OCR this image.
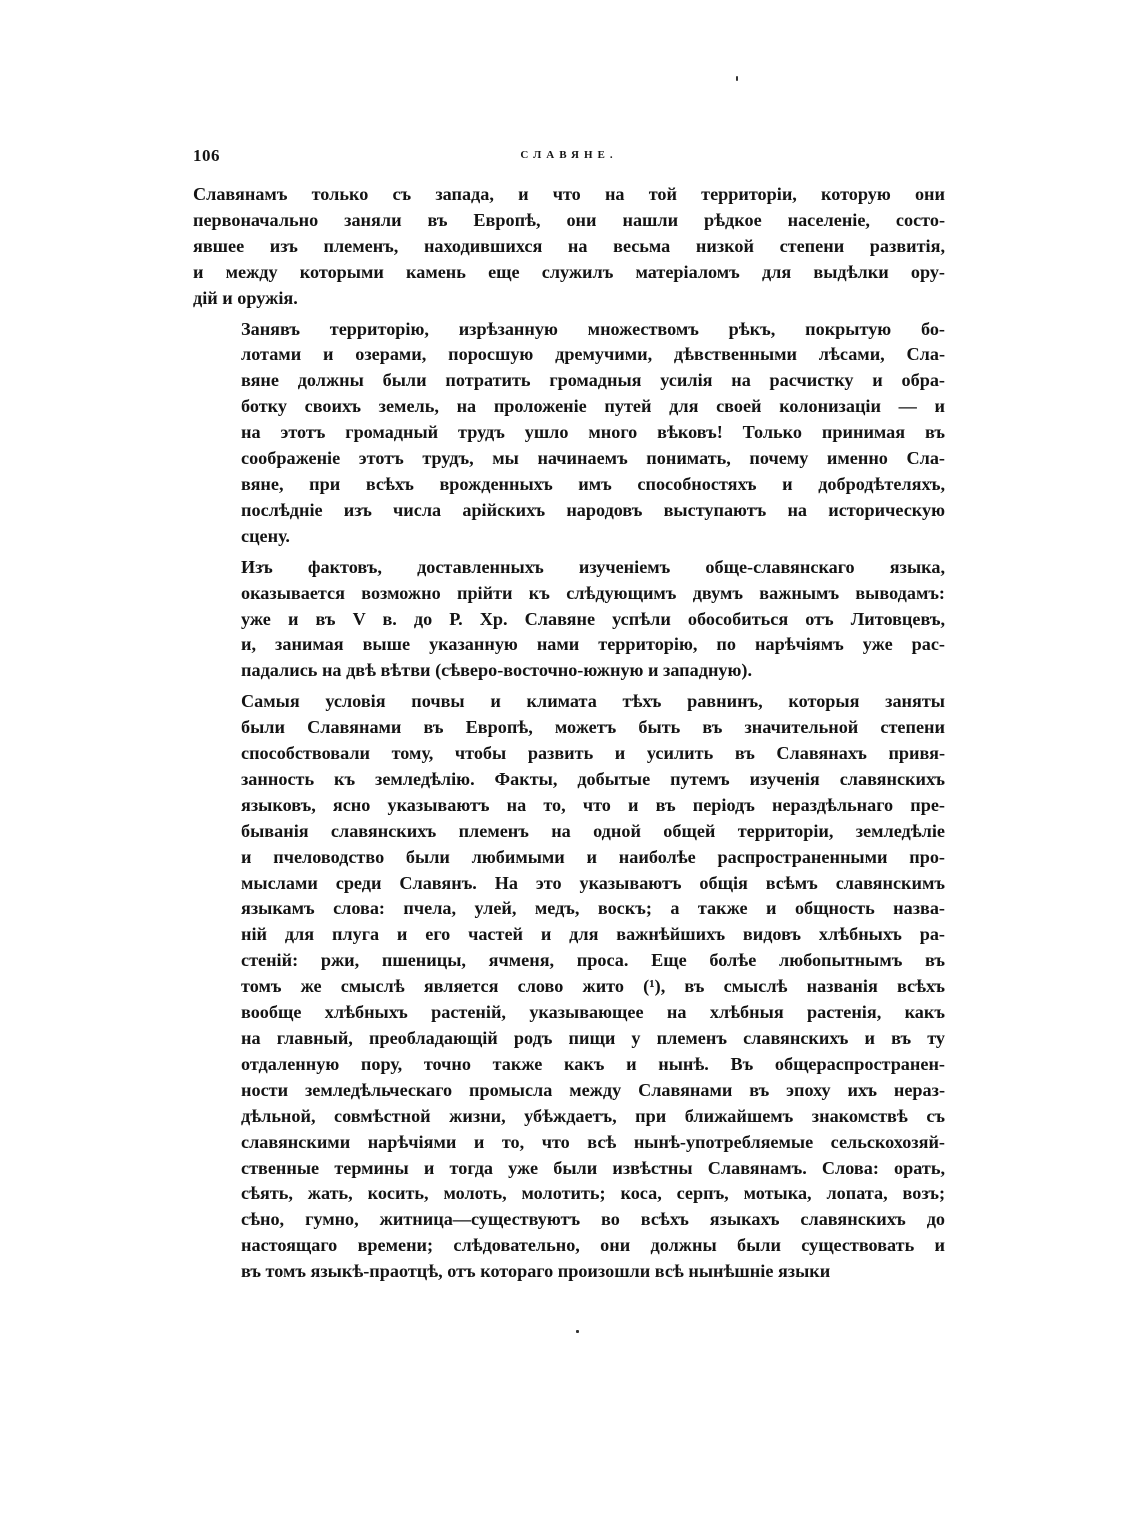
106	СЛАВЯНЕ.
Славянамъ только съ запада, и что на той территоріи, которую они
первоначально заняли въ Европѣ, они нашли рѣдкое населеніе, состо-
явшее изъ племенъ, находившихся на весьма низкой степени развитія,
и между которыми камень еще служилъ матеріаломъ для выдѣлки ору-
дій и оружія.
Занявъ территорію, изрѣзанную множествомъ рѣкъ, покрытую бо-
лотами и озерами, поросшую дремучими, дѣвственными лѣсами, Сла-
вяне должны были потратить громадныя усилія на расчистку и обра-
ботку своихъ земель, на проложеніе путей для своей колонизаціи — и
на этотъ громадный трудъ ушло много вѣковъ! Только принимая въ
соображеніе этотъ трудъ, мы начинаемъ понимать, почему именно Сла-
вяне, при всѣхъ врожденныхъ имъ способностяхъ и добродѣтеляхъ,
послѣдніе изъ числа арійскихъ народовъ выступаютъ на историческую
сцену.
Изъ фактовъ, доставленныхъ изученіемъ обще-славянскаго языка,
оказывается возможно прійти къ слѣдующимъ двумъ важнымъ выводамъ:
уже и въ V в. до Р. Хр. Славяне успѣли обособиться отъ Литовцевъ,
и, занимая выше указанную нами территорію, по нарѣчіямъ уже рас-
падались на двѣ вѣтви (сѣверо-восточно-южную и западную).
Самыя условія почвы и климата тѣхъ равнинъ, которыя заняты
были Славянами въ Европѣ, можетъ быть въ значительной степени
способствовали тому, чтобы развить и усилить въ Славянахъ привя-
занность къ земледѣлію. Факты, добытые путемъ изученія славянскихъ
языковъ, ясно указываютъ на то, что и въ періодъ нераздѣльнаго пре-
быванія славянскихъ племенъ на одной общей территоріи, земледѣліе
и пчеловодство были любимыми и наиболѣе распространенными про-
мыслами среди Славянъ. На это указываютъ общія всѣмъ славянскимъ
языкамъ слова: пчела, улей, медъ, воскъ; а также и общность назва-
ній для плуга и его частей и для важнѣйшихъ видовъ хлѣбныхъ ра-
стеній: ржи, пшеницы, ячменя, проса. Еще болѣе любопытнымъ въ
томъ же смыслѣ является слово жито (¹), въ смыслѣ названія всѣхъ
вообще хлѣбныхъ растеній, указывающее на хлѣбныя растенія, какъ
на главный, преобладающій родъ пищи у племенъ славянскихъ и въ ту
отдаленную пору, точно также какъ и нынѣ. Въ общераспространен-
ности земледѣльческаго промысла между Славянами въ эпоху ихъ нераз-
дѣльной, совмѣстной жизни, убѣждаетъ, при ближайшемъ знакомствѣ съ
славянскими нарѣчіями и то, что всѣ нынѣ-употребляемые сельскохозяй-
ственные термины и тогда уже были извѣстны Славянамъ. Слова: орать,
сѣять, жать, косить, молоть, молотить; коса, серпъ, мотыка, лопата, возъ;
сѣно, гумно, житница—существуютъ во всѣхъ языкахъ славянскихъ до
настоящаго времени; слѣдовательно, они должны были существовать и
въ томъ языкѣ-праотцѣ, отъ котораго произошли всѣ нынѣшніе языки
